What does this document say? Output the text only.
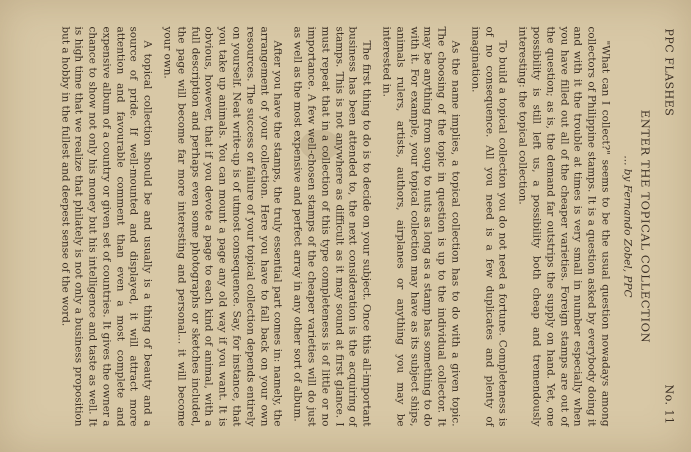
PPC FLASHES
No. 11
ENTER THE TOPICAL COLLECTION
... by Fernando Zobel, PPC

"What can I collect?" seems to be the usual question nowadays among collectors of Philippine stamps. It is a question asked by everybody doing it and with it the trouble at times is very small in number especially when you have filled out all of the cheaper varieties. Foreign stamps are out of the question; as is, the demand far outstrips the supply on hand. Yet, one possibility is still left us, a possibility both cheap and tremendously interesting: the topical collection.

To build a topical collection you do not need a fortune. Completeness is of no consequence. All you need is a few duplicates and plenty of imagination.

As the name implies, a topical collection has to do with a given topic. The choosing of the topic in question is up to the individual collector. It may be anything from soup to nuts as long as a stamp has something to do with it. For example, your topical collection may have as its subject ships, animals rulers, artists, authors, airplanes or anything you may be interested in.

The first thing to do is to decide on your subject. Once this all-important business has been attended to, the next consideration is the acquiring of stamps. This is not anywhere as difficult as it may sound at first glance. I must repeat that in a collection of this type completeness is of little or no importance. A few well-chosen stamps of the cheaper varieties will do just as well as the most expensive and perfect array in any other sort of album.

After you have the stamps, the truly essential part comes in: namely, the arrangement of your collection. Here you have to fall back on your own resources. The success or failure of your topical collection depends entirely on yourself. Neat write-up is of utmost consequence. Say, for instance, that you take up animals. You can mount a page any old way if you want. It is obvious, however, that if you devote a page to each kind of animal, with a full description and perhaps even some photographs or sketches included, the page will become far more interesting and personal... it will become your own.

A topical collection should be and usually is a thing of beauty and a source of pride. If well-mounted and displayed, it will attract more attention and favourable comment than even a most complete and expensive album of a country or given set of countries. It gives the owner a chance to show not only his money but his intelligence and taste as well. It is high time that we realize that philately is not only a business proposition but a hobby in the fullest and deepest sense of the word.
